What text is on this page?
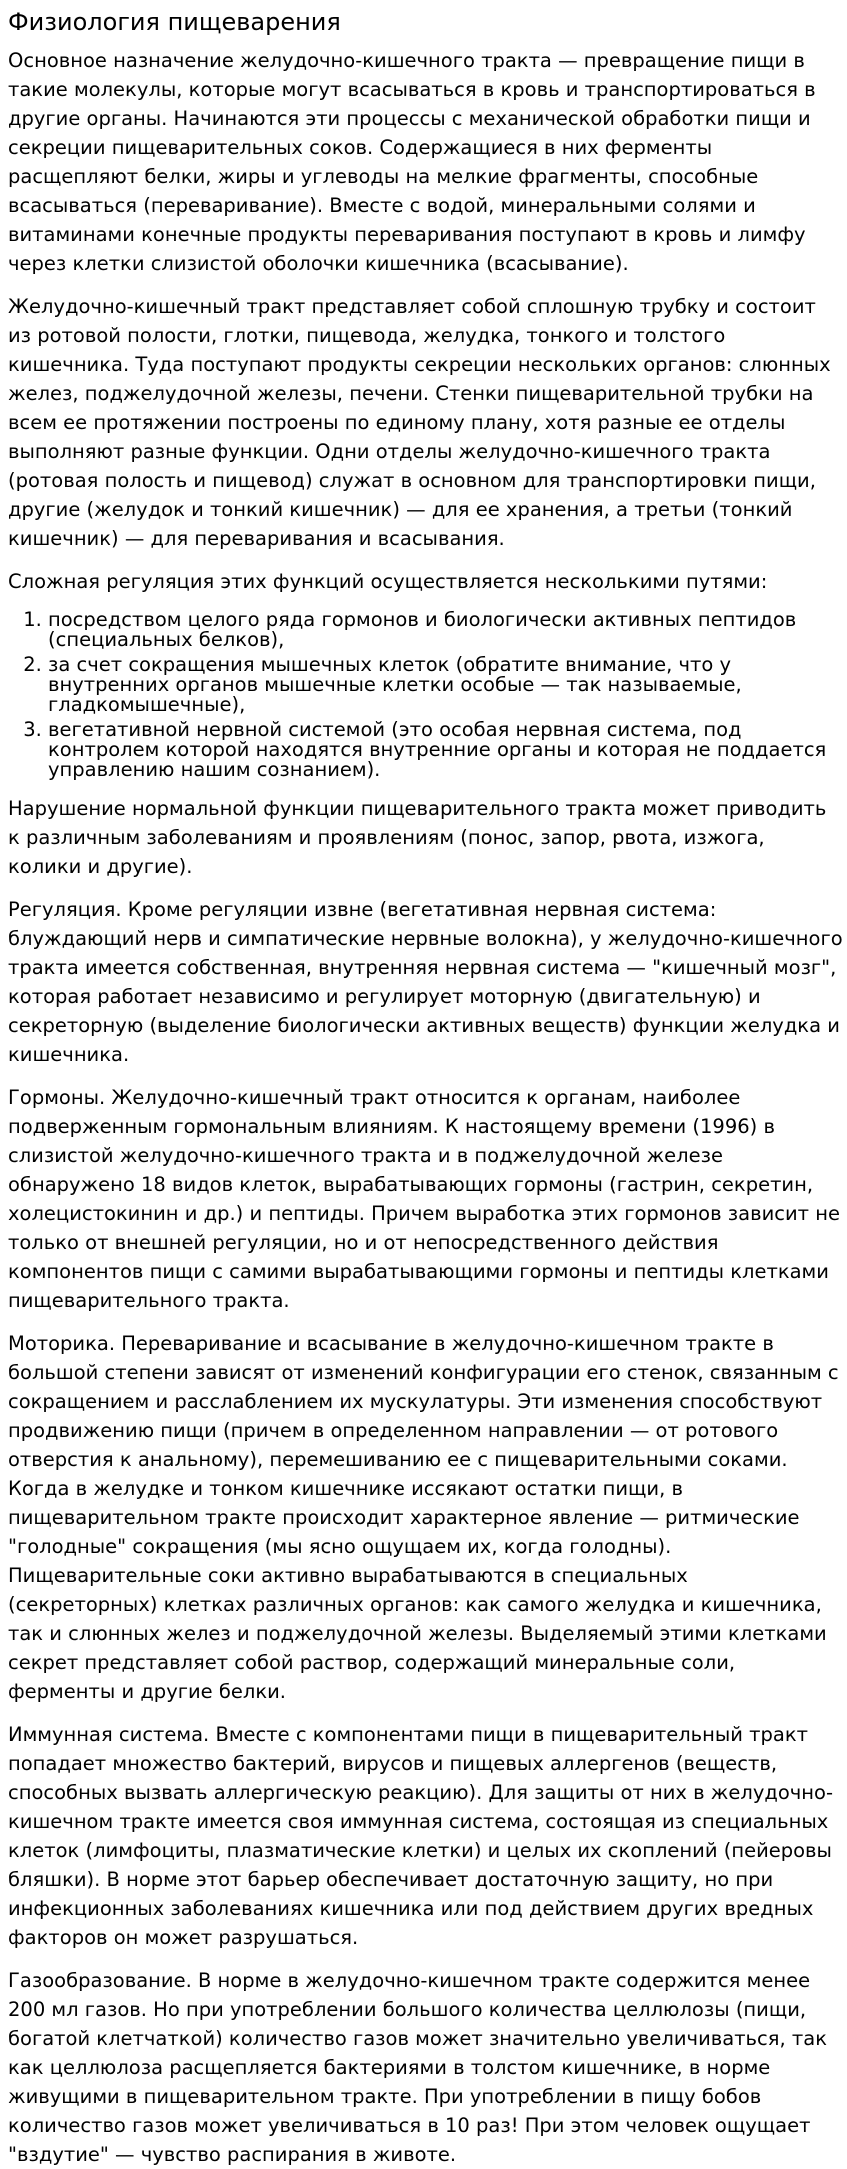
Физиология пищеварения

Основное назначение желудочно-кишечного тракта — превращение пищи в такие молекулы, которые могут всасываться в кровь и транспортироваться в другие органы. Начинаются эти процессы с механической обработки пищи и секреции пищеварительных соков. Содержащиеся в них ферменты расщепляют белки, жиры и углеводы на мелкие фрагменты, способные всасываться (переваривание). Вместе с водой, минеральными солями и витаминами конечные продукты переваривания поступают в кровь и лимфу через клетки слизистой оболочки кишечника (всасывание).

Желудочно-кишечный тракт представляет собой сплошную трубку и состоит из ротовой полости, глотки, пищевода, желудка, тонкого и толстого кишечника. Туда поступают продукты секреции нескольких органов: слюнных желез, поджелудочной железы, печени. Стенки пищеварительной трубки на всем ее протяжении построены по единому плану, хотя разные ее отделы выполняют разные функции. Одни отделы желудочно-кишечного тракта (ротовая полость и пищевод) служат в основном для транспортировки пищи, другие (желудок и тонкий кишечник) — для ее хранения, а третьи (тонкий кишечник) — для переваривания и всасывания.

Сложная регуляция этих функций осуществляется несколькими путями:

1. посредством целого ряда гормонов и биологически активных пептидов (специальных белков),
2. за счет сокращения мышечных клеток (обратите внимание, что у внутренних органов мышечные клетки особые — так называемые, гладкомышечные),
3. вегетативной нервной системой (это особая нервная система, под контролем которой находятся внутренние органы и которая не поддается управлению нашим сознанием).

Нарушение нормальной функции пищеварительного тракта может приводить к различным заболеваниям и проявлениям (понос, запор, рвота, изжога, колики и другие).

Регуляция. Кроме регуляции извне (вегетативная нервная система: блуждающий нерв и симпатические нервные волокна), у желудочно-кишечного тракта имеется собственная, внутренняя нервная система — "кишечный мозг", которая работает независимо и регулирует моторную (двигательную) и секреторную (выделение биологически активных веществ) функции желудка и кишечника.

Гормоны. Желудочно-кишечный тракт относится к органам, наиболее подверженным гормональным влияниям. К настоящему времени (1996) в слизистой желудочно-кишечного тракта и в поджелудочной железе обнаружено 18 видов клеток, вырабатывающих гормоны (гастрин, секретин, холецистокинин и др.) и пептиды. Причем выработка этих гормонов зависит не только от внешней регуляции, но и от непосредственного действия компонентов пищи с самими вырабатывающими гормоны и пептиды клетками пищеварительного тракта.

Моторика. Переваривание и всасывание в желудочно-кишечном тракте в большой степени зависят от изменений конфигурации его стенок, связанным с сокращением и расслаблением их мускулатуры. Эти изменения способствуют продвижению пищи (причем в определенном направлении — от ротового отверстия к анальному), перемешиванию ее с пищеварительными соками. Когда в желудке и тонком кишечнике иссякают остатки пищи, в пищеварительном тракте происходит характерное явление — ритмические "голодные" сокращения (мы ясно ощущаем их, когда голодны). Пищеварительные соки активно вырабатываются в специальных (секреторных) клетках различных органов: как самого желудка и кишечника, так и слюнных желез и поджелудочной железы. Выделяемый этими клетками секрет представляет собой раствор, содержащий минеральные соли, ферменты и другие белки.

Иммунная система. Вместе с компонентами пищи в пищеварительный тракт попадает множество бактерий, вирусов и пищевых аллергенов (веществ, способных вызвать аллергическую реакцию). Для защиты от них в желудочно-кишечном тракте имеется своя иммунная система, состоящая из специальных клеток (лимфоциты, плазматические клетки) и целых их скоплений (пейеровы бляшки). В норме этот барьер обеспечивает достаточную защиту, но при инфекционных заболеваниях кишечника или под действием других вредных факторов он может разрушаться.

Газообразование. В норме в желудочно-кишечном тракте содержится менее 200 мл газов. Но при употреблении большого количества целлюлозы (пищи, богатой клетчаткой) количество газов может значительно увеличиваться, так как целлюлоза расщепляется бактериями в толстом кишечнике, в норме живущими в пищеварительном тракте. При употреблении в пищу бобов количество газов может увеличиваться в 10 раз! При этом человек ощущает "вздутие" — чувство распирания в животе.
